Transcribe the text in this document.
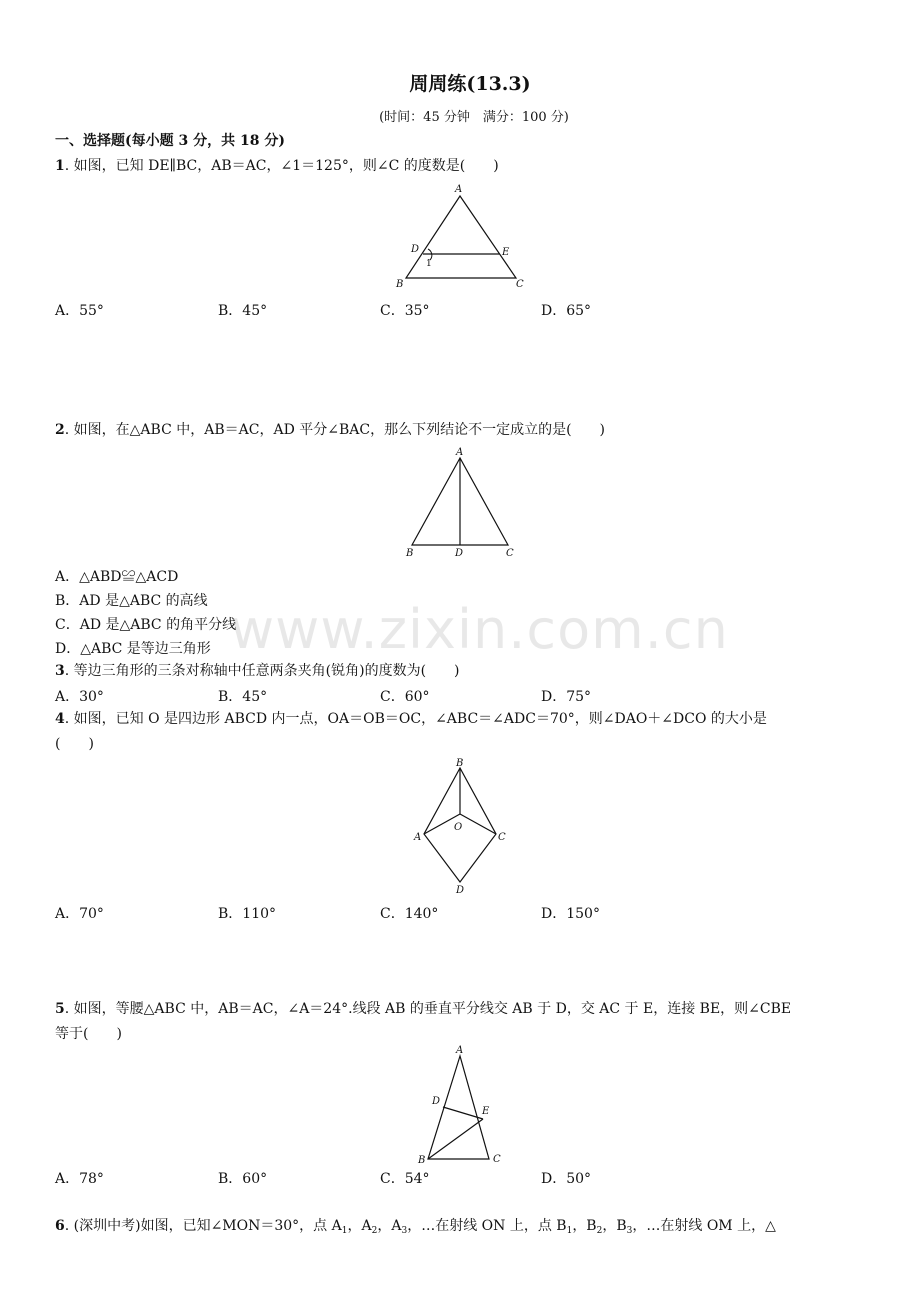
周周练(13.3)
(时间：45 分钟　满分：100 分)
一、选择题(每小题 3 分，共 18 分)
1. 如图，已知 DE∥BC，AB＝AC，∠1＝125°，则∠C 的度数是(　　)
A
D	E
B	C
1
A．55°	B．45°	C．35°	D．65°
2. 如图，在△ABC 中，AB＝AC，AD 平分∠BAC，那么下列结论不一定成立的是(　　)
A
B	D	C
A．△ABD≌△ACD
B．AD 是△ABC 的高线
C．AD 是△ABC 的角平分线
D．△ABC 是等边三角形 www.zixin.com.cn
3. 等边三角形的三条对称轴中任意两条夹角(锐角)的度数为(　　)
A．30°	B．45°	C．60°	D．75°
4. 如图，已知 O 是四边形 ABCD 内一点，OA＝OB＝OC，∠ABC＝∠ADC＝70°，则∠DAO＋∠DCO 的大小是
(　　)
B
A
O
C
D
A．70°	B．110°	C．140°	D．150°
5. 如图，等腰△ABC 中，AB＝AC，∠A＝24°.线段 AB 的垂直平分线交 AB 于 D，交 AC 于 E，连接 BE，则∠CBE
等于(　　)
A
D
E
B	C
A．78°	B．60°	C．54°	D．50°
6. (深圳中考)如图，已知∠MON＝30°，点 $A_1$，$A_2$，$A_3$，…在射线 ON 上，点 $B_1$，$B_2$，$B_3$，…在射线 OM 上，△
